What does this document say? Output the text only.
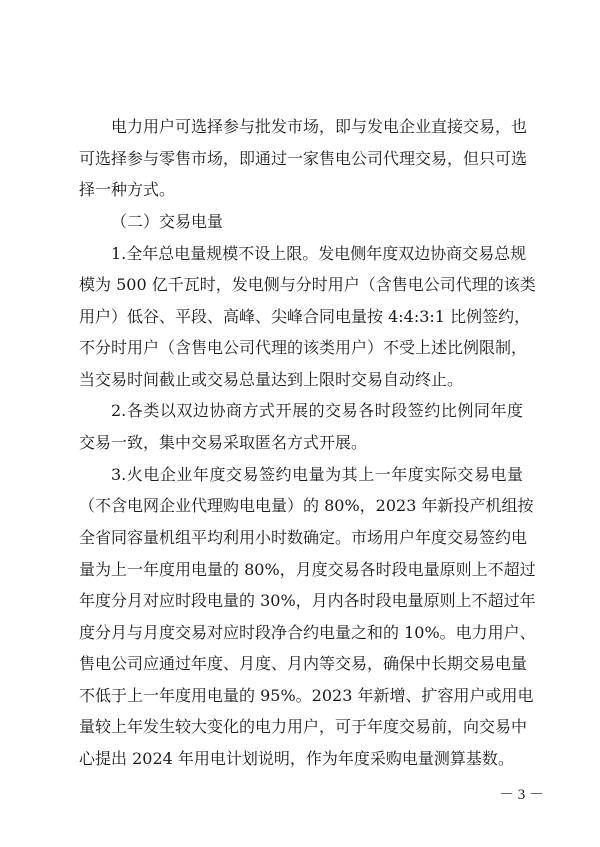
电力用户可选择参与批发市场，即与发电企业直接交易，也
可选择参与零售市场，即通过一家售电公司代理交易，但只可选
择一种方式。
（二）交易电量
1.全年总电量规模不设上限。发电侧年度双边协商交易总规
模为 500 亿千瓦时，发电侧与分时用户（含售电公司代理的该类
用户）低谷、平段、高峰、尖峰合同电量按 4:4:3:1 比例签约，
不分时用户（含售电公司代理的该类用户）不受上述比例限制，
当交易时间截止或交易总量达到上限时交易自动终止。
2.各类以双边协商方式开展的交易各时段签约比例同年度
交易一致，集中交易采取匿名方式开展。
3.火电企业年度交易签约电量为其上一年度实际交易电量
（不含电网企业代理购电电量）的 80%，2023 年新投产机组按
全省同容量机组平均利用小时数确定。市场用户年度交易签约电
量为上一年度用电量的 80%，月度交易各时段电量原则上不超过
年度分月对应时段电量的 30%，月内各时段电量原则上不超过年
度分月与月度交易对应时段净合约电量之和的 10%。电力用户、
售电公司应通过年度、月度、月内等交易，确保中长期交易电量
不低于上一年度用电量的 95%。2023 年新增、扩容用户或用电
量较上年发生较大变化的电力用户，可于年度交易前，向交易中
心提出 2024 年用电计划说明，作为年度采购电量测算基数。
－ 3 －
